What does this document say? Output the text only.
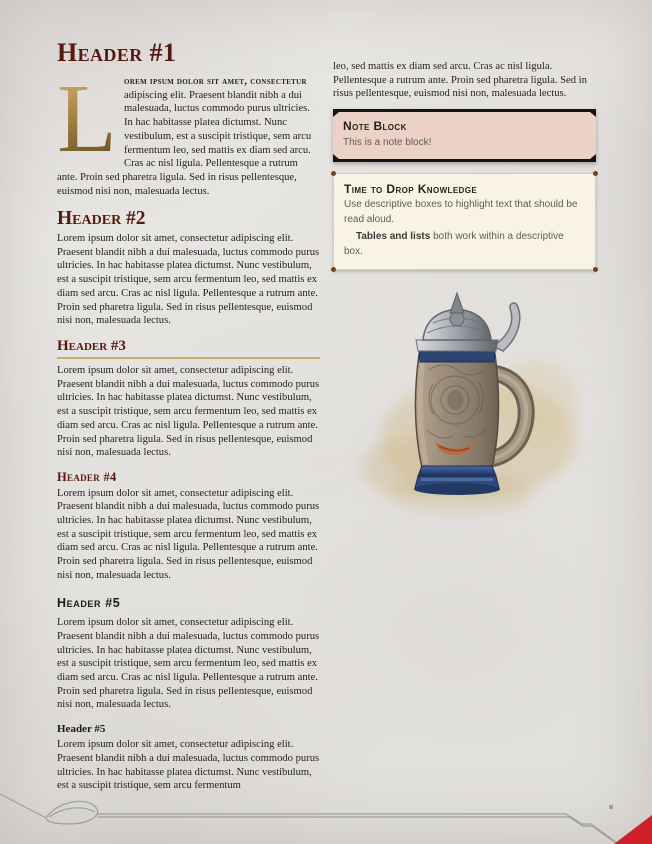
Header #1

L orem ipsum dolor sit amet, consectetur adipiscing elit. Praesent blandit nibh a dui malesuada, luctus commodo purus ultricies. In hac habitasse platea dictumst. Nunc vestibulum, est a suscipit tristique, sem arcu fermentum leo, sed mattis ex diam sed arcu. Cras ac nisl ligula. Pellentesque a rutrum ante. Proin sed pharetra ligula. Sed in risus pellentesque, euismod nisi non, malesuada lectus.

Header #2

Lorem ipsum dolor sit amet, consectetur adipiscing elit. Praesent blandit nibh a dui malesuada, luctus commodo purus ultricies. In hac habitasse platea dictumst. Nunc vestibulum, est a suscipit tristique, sem arcu fermentum leo, sed mattis ex diam sed arcu. Cras ac nisl ligula. Pellentesque a rutrum ante. Proin sed pharetra ligula. Sed in risus pellentesque, euismod nisi non, malesuada lectus.

Header #3

Lorem ipsum dolor sit amet, consectetur adipiscing elit. Praesent blandit nibh a dui malesuada, luctus commodo purus ultricies. In hac habitasse platea dictumst. Nunc vestibulum, est a suscipit tristique, sem arcu fermentum leo, sed mattis ex diam sed arcu. Cras ac nisl ligula. Pellentesque a rutrum ante. Proin sed pharetra ligula. Sed in risus pellentesque, euismod nisi non, malesuada lectus.

Header #4

Lorem ipsum dolor sit amet, consectetur adipiscing elit. Praesent blandit nibh a dui malesuada, luctus commodo purus ultricies. In hac habitasse platea dictumst. Nunc vestibulum, est a suscipit tristique, sem arcu fermentum leo, sed mattis ex diam sed arcu. Cras ac nisl ligula. Pellentesque a rutrum ante. Proin sed pharetra ligula. Sed in risus pellentesque, euismod nisi non, malesuada lectus.

Header #5

Lorem ipsum dolor sit amet, consectetur adipiscing elit. Praesent blandit nibh a dui malesuada, luctus commodo purus ultricies. In hac habitasse platea dictumst. Nunc vestibulum, est a suscipit tristique, sem arcu fermentum leo, sed mattis ex diam sed arcu. Cras ac nisl ligula. Pellentesque a rutrum ante. Proin sed pharetra ligula. Sed in risus pellentesque, euismod nisi non, malesuada lectus.

Header #5

Lorem ipsum dolor sit amet, consectetur adipiscing elit. Praesent blandit nibh a dui malesuada, luctus commodo purus ultricies. In hac habitasse platea dictumst. Nunc vestibulum, est a suscipit tristique, sem arcu fermentum

leo, sed mattis ex diam sed arcu. Cras ac nisl ligula. Pellentesque a rutrum ante. Proin sed pharetra ligula. Sed in risus pellentesque, euismod nisi non, malesuada lectus.

Note Block

This is a note block!

Time to Drop Knowledge

Use descriptive boxes to highlight text that should be read aloud.

Tables and lists both work within a descriptive box.
